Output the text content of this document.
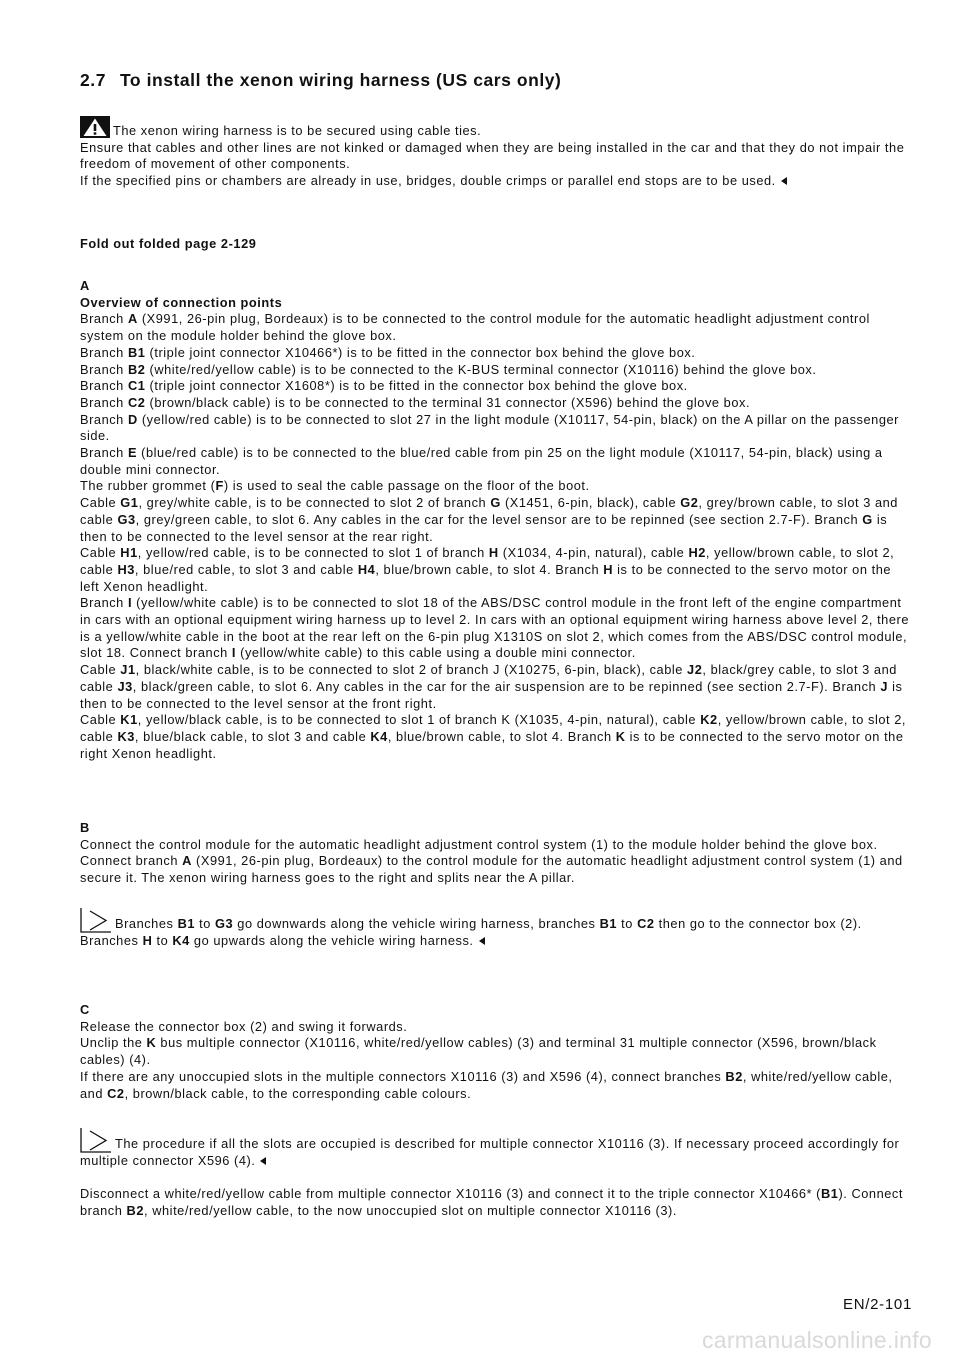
2.7 To install the xenon wiring harness (US cars only)

The xenon wiring harness is to be secured using cable ties.

Ensure that cables and other lines are not kinked or damaged when they are being installed in the car and that they do not impair the freedom of movement of other components.

If the specified pins or chambers are already in use, bridges, double crimps or parallel end stops are to be used.

Fold out folded page 2-129

A

Overview of connection points

Branch A (X991, 26-pin plug, Bordeaux) is to be connected to the control module for the automatic headlight adjustment control system on the module holder behind the glove box.

Branch B1 (triple joint connector X10466*) is to be fitted in the connector box behind the glove box.

Branch B2 (white/red/yellow cable) is to be connected to the K-BUS terminal connector (X10116) behind the glove box.

Branch C1 (triple joint connector X1608*) is to be fitted in the connector box behind the glove box.

Branch C2 (brown/black cable) is to be connected to the terminal 31 connector (X596) behind the glove box.

Branch D (yellow/red cable) is to be connected to slot 27 in the light module (X10117, 54-pin, black) on the A pillar on the passenger side.

Branch E (blue/red cable) is to be connected to the blue/red cable from pin 25 on the light module (X10117, 54-pin, black) using a double mini connector.

The rubber grommet (F) is used to seal the cable passage on the floor of the boot.

Cable G1, grey/white cable, is to be connected to slot 2 of branch G (X1451, 6-pin, black), cable G2, grey/brown cable, to slot 3 and cable G3, grey/green cable, to slot 6. Any cables in the car for the level sensor are to be repinned (see section 2.7-F). Branch G is then to be connected to the level sensor at the rear right.

Cable H1, yellow/red cable, is to be connected to slot 1 of branch H (X1034, 4-pin, natural), cable H2, yellow/brown cable, to slot 2, cable H3, blue/red cable, to slot 3 and cable H4, blue/brown cable, to slot 4. Branch H is to be connected to the servo motor on the left Xenon headlight.

Branch I (yellow/white cable) is to be connected to slot 18 of the ABS/DSC control module in the front left of the engine compartment in cars with an optional equipment wiring harness up to level 2. In cars with an optional equipment wiring harness above level 2, there is a yellow/white cable in the boot at the rear left on the 6-pin plug X1310S on slot 2, which comes from the ABS/DSC control module, slot 18. Connect branch I (yellow/white cable) to this cable using a double mini connector.

Cable J1, black/white cable, is to be connected to slot 2 of branch J (X10275, 6-pin, black), cable J2, black/grey cable, to slot 3 and cable J3, black/green cable, to slot 6. Any cables in the car for the air suspension are to be repinned (see section 2.7-F). Branch J is then to be connected to the level sensor at the front right.

Cable K1, yellow/black cable, is to be connected to slot 1 of branch K (X1035, 4-pin, natural), cable K2, yellow/brown cable, to slot 2, cable K3, blue/black cable, to slot 3 and cable K4, blue/brown cable, to slot 4. Branch K is to be connected to the servo motor on the right Xenon headlight.

B

Connect the control module for the automatic headlight adjustment control system (1) to the module holder behind the glove box. Connect branch A (X991, 26-pin plug, Bordeaux) to the control module for the automatic headlight adjustment control system (1) and secure it. The xenon wiring harness goes to the right and splits near the A pillar.

Branches B1 to G3 go downwards along the vehicle wiring harness, branches B1 to C2 then go to the connector box (2).

Branches H to K4 go upwards along the vehicle wiring harness.

C

Release the connector box (2) and swing it forwards.

Unclip the K bus multiple connector (X10116, white/red/yellow cables) (3) and terminal 31 multiple connector (X596, brown/black cables) (4).

If there are any unoccupied slots in the multiple connectors X10116 (3) and X596 (4), connect branches B2, white/red/yellow cable, and C2, brown/black cable, to the corresponding cable colours.

The procedure if all the slots are occupied is described for multiple connector X10116 (3). If necessary proceed accordingly for multiple connector X596 (4).

Disconnect a white/red/yellow cable from multiple connector X10116 (3) and connect it to the triple connector X10466* (B1). Connect branch B2, white/red/yellow cable, to the now unoccupied slot on multiple connector X10116 (3).

EN/2-101
carmanualsonline.info
